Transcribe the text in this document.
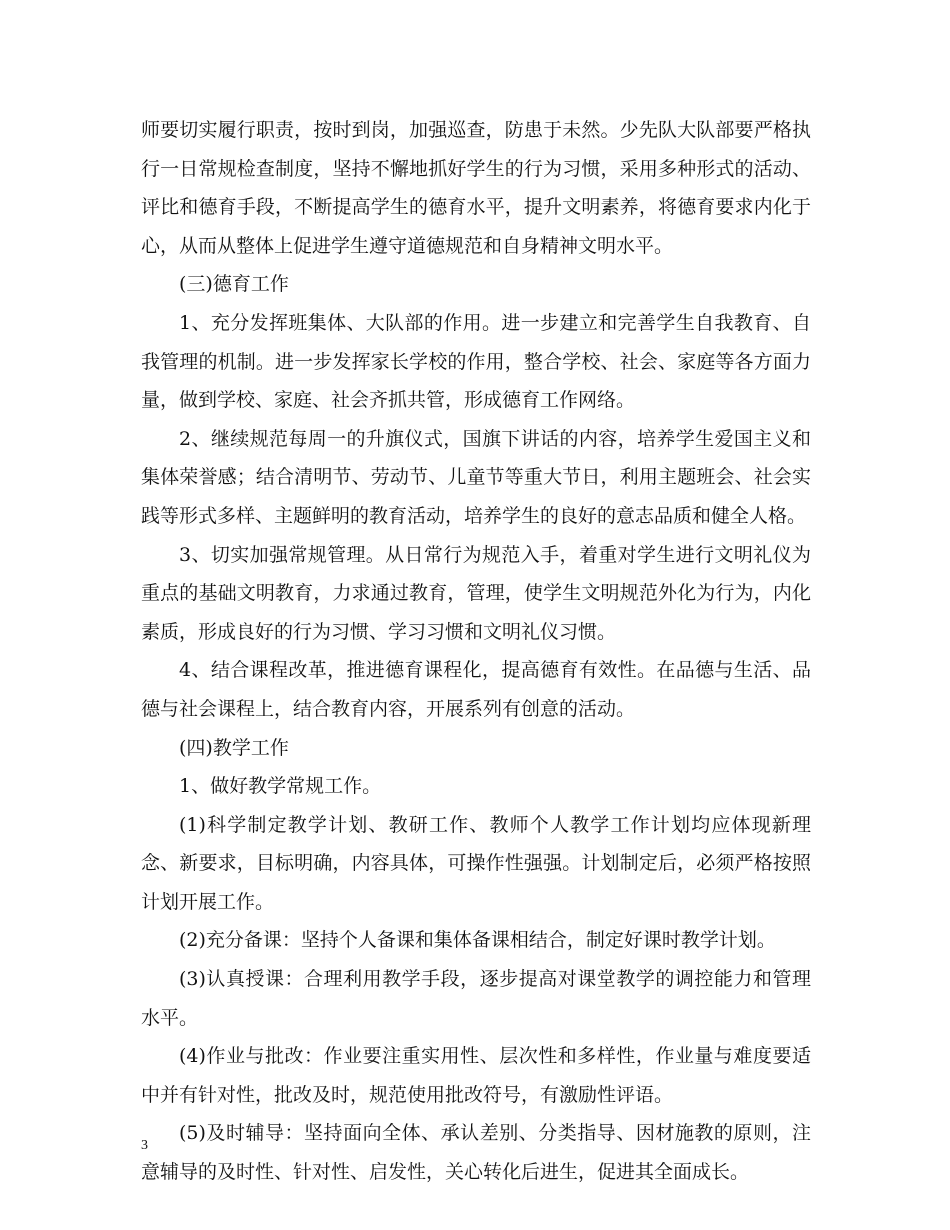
师要切实履行职责，按时到岗，加强巡查，防患于未然。少先队大队部要严格执行一日常规检查制度，坚持不懈地抓好学生的行为习惯，采用多种形式的活动、评比和德育手段，不断提高学生的德育水平，提升文明素养，将德育要求内化于心，从而从整体上促进学生遵守道德规范和自身精神文明水平。

(三)德育工作

1、充分发挥班集体、大队部的作用。进一步建立和完善学生自我教育、自我管理的机制。进一步发挥家长学校的作用，整合学校、社会、家庭等各方面力量，做到学校、家庭、社会齐抓共管，形成德育工作网络。

2、继续规范每周一的升旗仪式，国旗下讲话的内容，培养学生爱国主义和集体荣誉感；结合清明节、劳动节、儿童节等重大节日，利用主题班会、社会实践等形式多样、主题鲜明的教育活动，培养学生的良好的意志品质和健全人格。

3、切实加强常规管理。从日常行为规范入手，着重对学生进行文明礼仪为重点的基础文明教育，力求通过教育，管理，使学生文明规范外化为行为，内化素质，形成良好的行为习惯、学习习惯和文明礼仪习惯。

4、结合课程改革，推进德育课程化，提高德育有效性。在品德与生活、品德与社会课程上，结合教育内容，开展系列有创意的活动。

(四)教学工作

1、做好教学常规工作。

(1)科学制定教学计划、教研工作、教师个人教学工作计划均应体现新理念、新要求，目标明确，内容具体，可操作性强强。计划制定后，必须严格按照计划开展工作。

(2)充分备课：坚持个人备课和集体备课相结合，制定好课时教学计划。

(3)认真授课：合理利用教学手段，逐步提高对课堂教学的调控能力和管理水平。

(4)作业与批改：作业要注重实用性、层次性和多样性，作业量与难度要适中并有针对性，批改及时，规范使用批改符号，有激励性评语。

(5)及时辅导：坚持面向全体、承认差别、分类指导、因材施教的原则，注意辅导的及时性、针对性、启发性，关心转化后进生，促进其全面成长。

3
